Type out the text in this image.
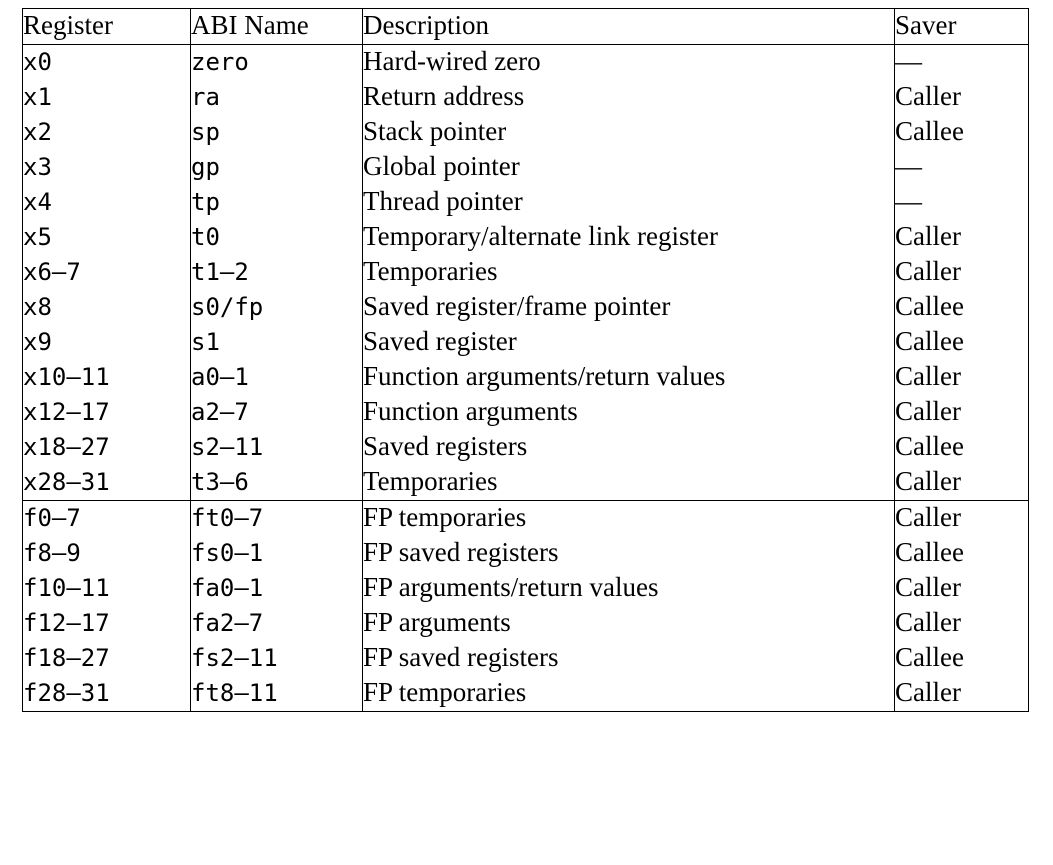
Register	ABI Name	Description	Saver
x0	zero	Hard-wired zero	—
x1	ra	Return address	Caller
x2	sp	Stack pointer	Callee
x3	gp	Global pointer	—
x4	tp	Thread pointer	—
x5	t0	Temporary/alternate link register	Caller
x6–7	t1–2	Temporaries	Caller
x8	s0/fp	Saved register/frame pointer	Callee
x9	s1	Saved register	Callee
x10–11	a0–1	Function arguments/return values	Caller
x12–17	a2–7	Function arguments	Caller
x18–27	s2–11	Saved registers	Callee
x28–31	t3–6	Temporaries	Caller
f0–7	ft0–7	FP temporaries	Caller
f8–9	fs0–1	FP saved registers	Callee
f10–11	fa0–1	FP arguments/return values	Caller
f12–17	fa2–7	FP arguments	Caller
f18–27	fs2–11	FP saved registers	Callee
f28–31	ft8–11	FP temporaries	Caller
